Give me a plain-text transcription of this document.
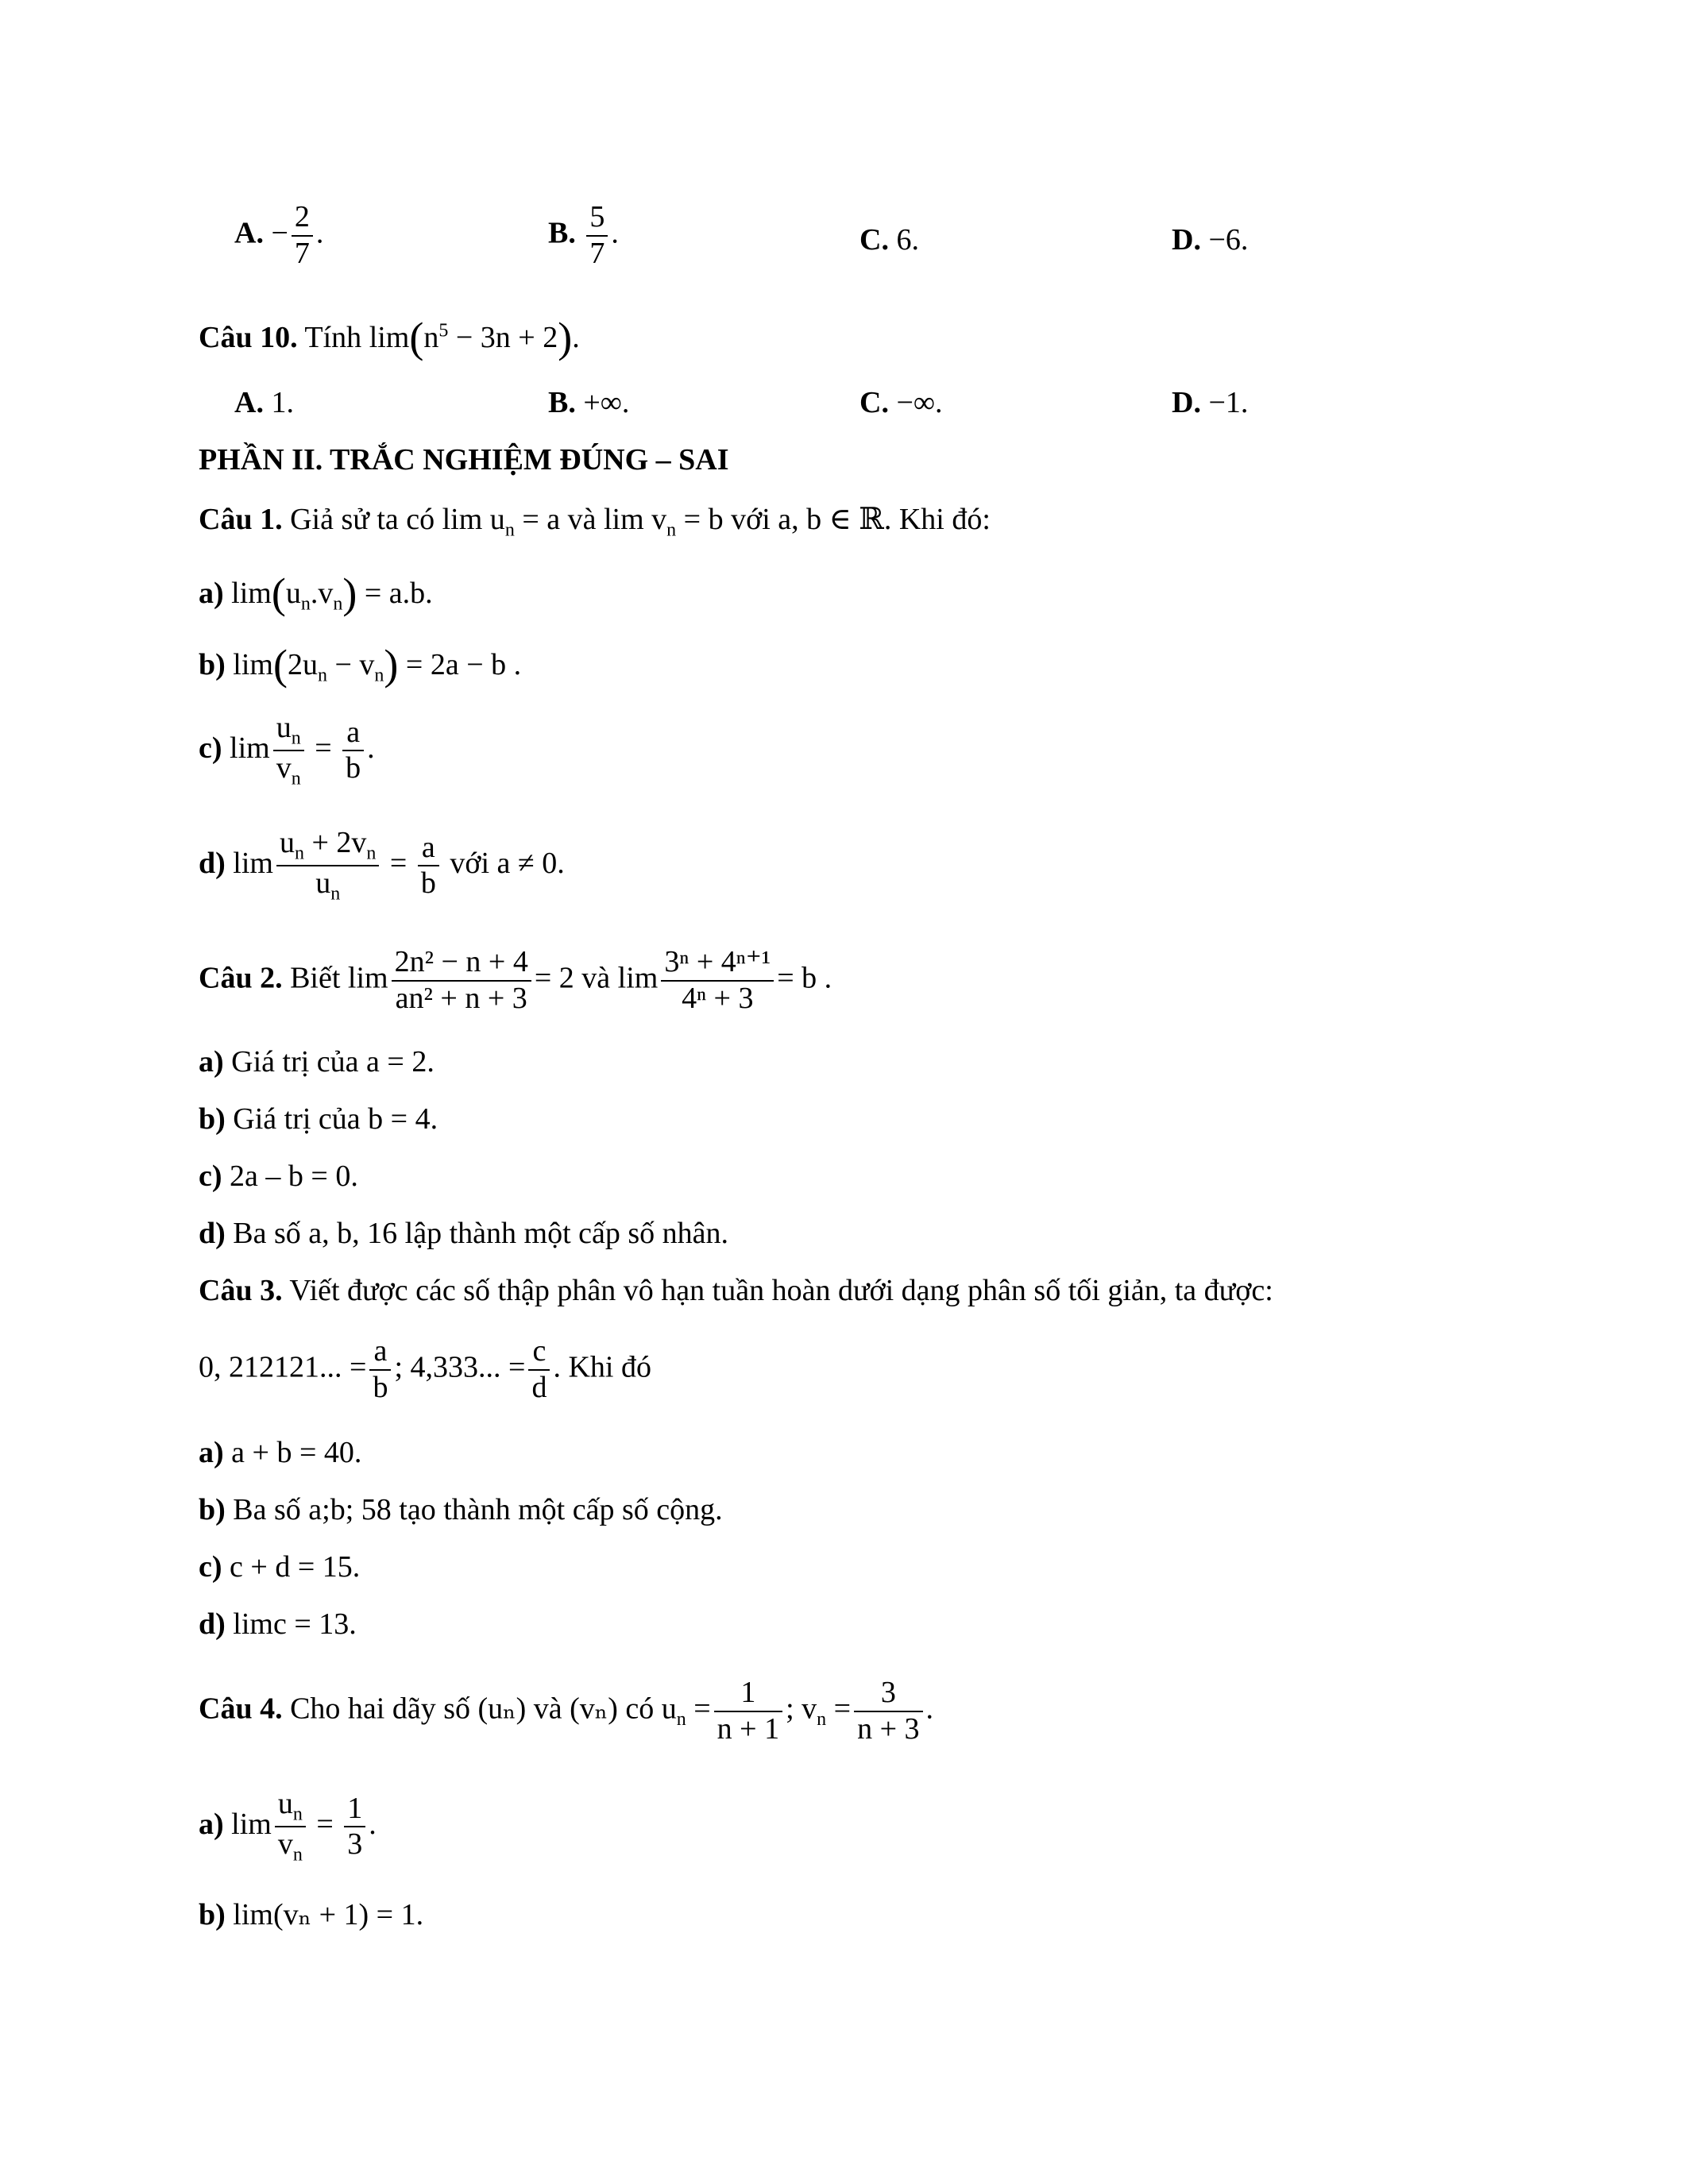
A. − $\frac{2}{7}$ .	B. $\frac{5}{7}$ .	C. 6.	D. −6.
Câu 10. Tính $\lim(n^5 - 3n + 2)$.
A. 1.	B. +∞.	C. −∞.	D. −1.
PHẦN II. TRẮC NGHIỆM ĐÚNG – SAI
Câu 1. Giả sử ta có $\lim u_n = a$ và $\lim v_n = b$ với a, b ∈ ℝ. Khi đó:
a) $\lim(u_n.v_n) = a.b$.
b) $\lim(2u_n - v_n) = 2a - b$ .
c) $\lim \frac{u_n}{v_n} = \frac{a}{b}$ .
d) $\lim \frac{u_n + 2v_n}{u_n} = \frac{a}{b}$ với a ≠ 0.
Câu 2. Biết $\lim \frac{\text{2n² − n + 4}}{\text{an² + n + 3}} = 2$ và $\lim \frac{\text{3ⁿ + 4ⁿ⁺¹}}{\text{4ⁿ + 3}} = b$ .
a) Giá trị của a = 2.
b) Giá trị của b = 4.
c) 2a – b = 0.
d) Ba số a, b, 16 lập thành một cấp số nhân.
Câu 3. Viết được các số thập phân vô hạn tuần hoàn dưới dạng phân số tối giản, ta được:
0, 212121... = $\frac{a}{b}$ ; 4,333... = $\frac{c}{d}$ . Khi đó
a) a + b = 40.
b) Ba số a;b; 58 tạo thành một cấp số cộng.
c) c + d = 15.
d) limc = 13.
Câu 4. Cho hai dãy số (uₙ) và (vₙ) có $u_n = \frac{1}{n + 1}$ ; $v_n = \frac{3}{n + 3}$ .
a) $\lim \frac{u_n}{v_n} = \frac{1}{3}$ .
b) lim(vₙ + 1) = 1.
